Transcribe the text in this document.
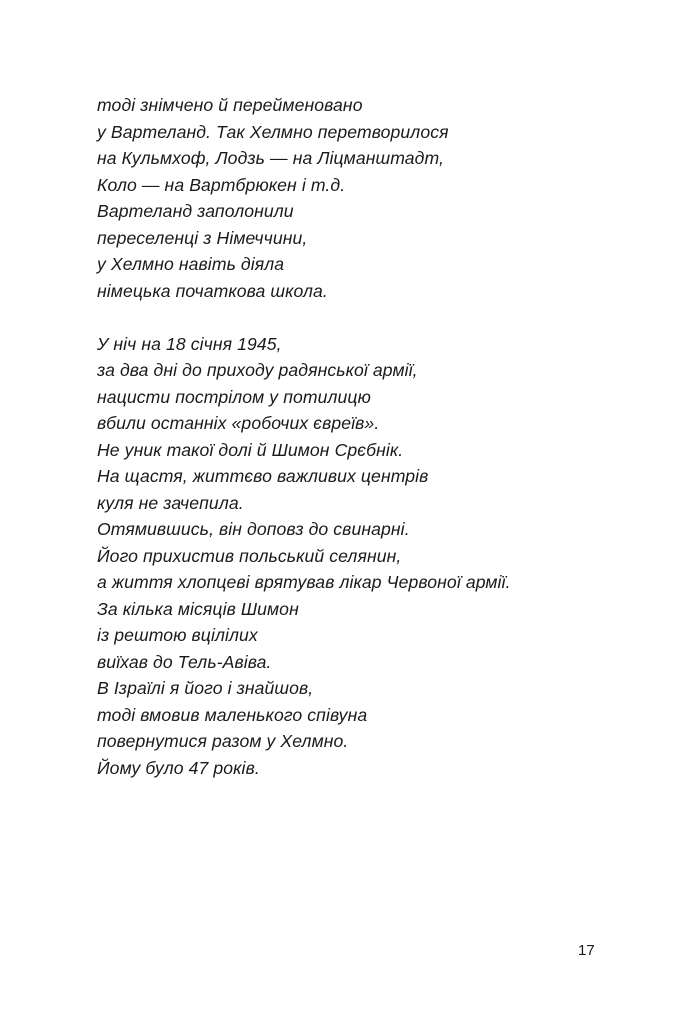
тоді знімчено й перейменовано
у Вартеланд. Так Хелмно перетворилося
на Кульмхоф, Лодзь — на Ліцманштадт,
Коло — на Вартбрюкен і т.д.
Вартеланд заполонили
переселенці з Німеччини,
у Хелмно навіть діяла
німецька початкова школа.
У ніч на 18 січня 1945,
за два дні до приходу радянської армії,
нацисти пострілом у потилицю
вбили останніх «робочих євреїв».
Не уник такої долі й Шимон Срєбнік.
На щастя, життєво важливих центрів
куля не зачепила.
Отямившись, він доповз до свинарні.
Його прихистив польський селянин,
а життя хлопцеві врятував лікар Червоної армії.
За кілька місяців Шимон
із рештою вцілілих
виїхав до Тель-Авіва.
В Ізраїлі я його і знайшов,
тоді вмовив маленького співуна
повернутися разом у Хелмно.
Йому було 47 років.
17
